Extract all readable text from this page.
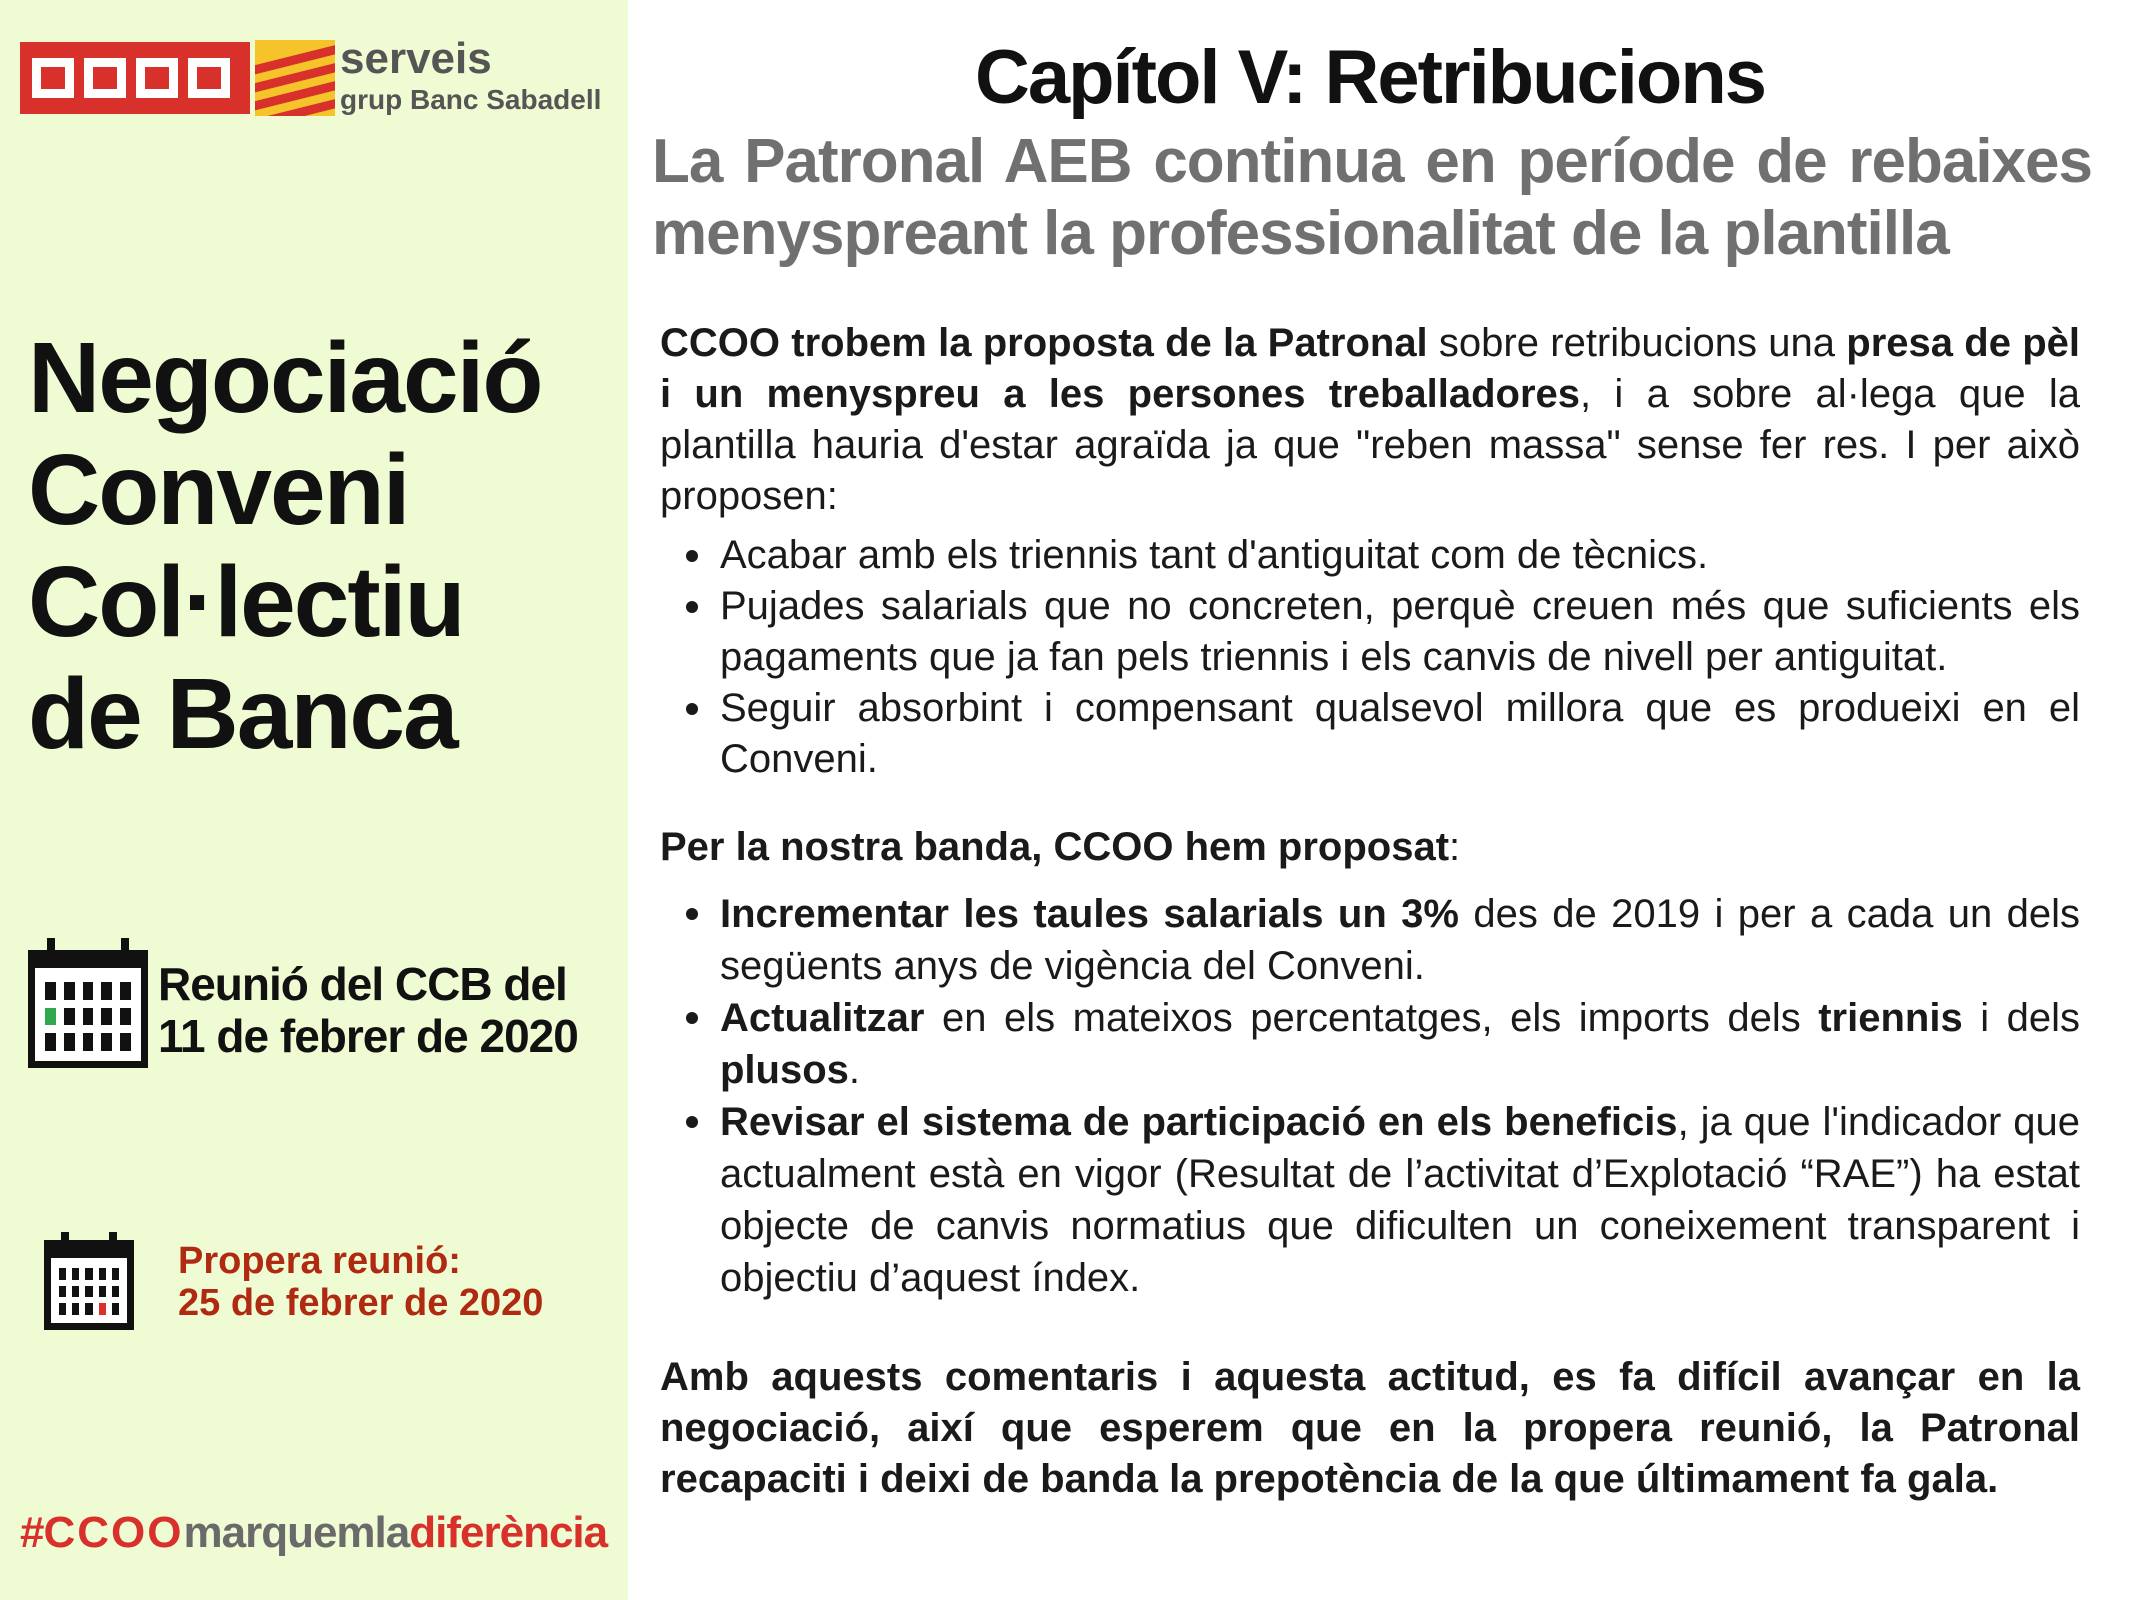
serveis
grup Banc Sabadell
Negociació
Conveni
Col·lectiu
de Banca
Reunió del CCB del
11 de febrer de 2020
Propera reunió:
25 de febrer de 2020
#CCOOmarquemladiferència
Capítol V: Retribucions
La Patronal AEB continua en període de rebaixes menyspreant la professionalitat de la plantilla
CCOO trobem la proposta de la Patronal sobre retribucions una presa de pèl i un menyspreu a les persones treballadores, i a sobre al·lega que la plantilla hauria d'estar agraïda ja que "reben massa" sense fer res. I per això proposen:
Acabar amb els triennis tant d'antiguitat com de tècnics.
Pujades salarials que no concreten, perquè creuen més que suficients els pagaments que ja fan pels triennis i els canvis de nivell per antiguitat.
Seguir absorbint i compensant qualsevol millora que es produeixi en el Conveni.
Per la nostra banda, CCOO hem proposat:
Incrementar les taules salarials un 3% des de 2019 i per a cada un dels següents anys de vigència del Conveni.
Actualitzar en els mateixos percentatges, els imports dels triennis i dels plusos.
Revisar el sistema de participació en els beneficis, ja que l'indicador que actualment està en vigor (Resultat de l’activitat d’Explotació “RAE”) ha estat objecte de canvis normatius que dificulten un coneixement transparent i objectiu d’aquest índex.
Amb aquests comentaris i aquesta actitud, es fa difícil avançar en la negociació, així que esperem que en la propera reunió, la Patronal recapaciti i deixi de banda la prepotència de la que últimament fa gala.
